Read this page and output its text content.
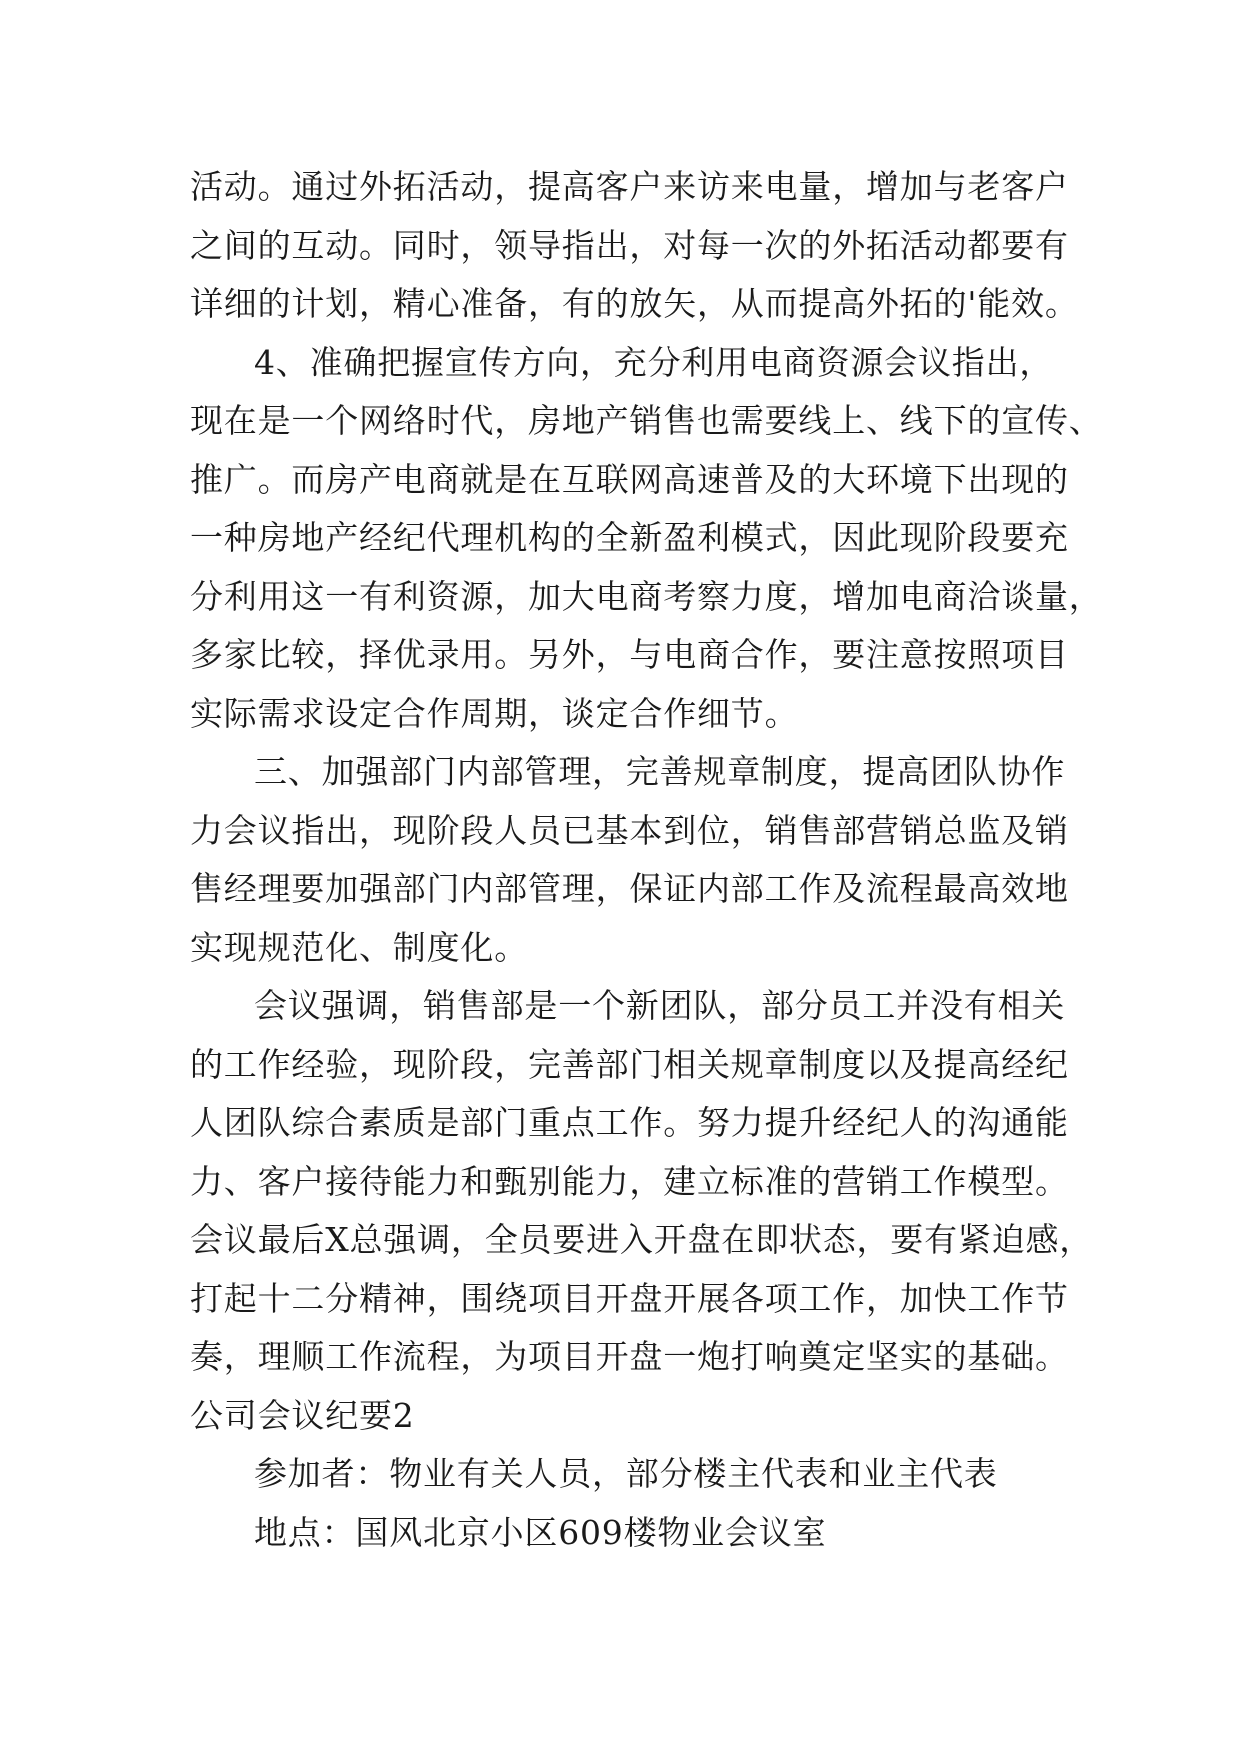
活动。通过外拓活动，提高客户来访来电量，增加与老客户
之间的互动。同时，领导指出，对每一次的外拓活动都要有
详细的计划，精心准备，有的放矢，从而提高外拓的'能效。
4、准确把握宣传方向，充分利用电商资源会议指出，
现在是一个网络时代，房地产销售也需要线上、线下的宣传、
推广。而房产电商就是在互联网高速普及的大环境下出现的
一种房地产经纪代理机构的全新盈利模式，因此现阶段要充
分利用这一有利资源，加大电商考察力度，增加电商洽谈量，
多家比较，择优录用。另外，与电商合作，要注意按照项目
实际需求设定合作周期，谈定合作细节。
三、加强部门内部管理，完善规章制度，提高团队协作
力会议指出，现阶段人员已基本到位，销售部营销总监及销
售经理要加强部门内部管理，保证内部工作及流程最高效地
实现规范化、制度化。
会议强调，销售部是一个新团队，部分员工并没有相关
的工作经验，现阶段，完善部门相关规章制度以及提高经纪
人团队综合素质是部门重点工作。努力提升经纪人的沟通能
力、客户接待能力和甄别能力，建立标准的营销工作模型。
会议最后X总强调，全员要进入开盘在即状态，要有紧迫感，
打起十二分精神，围绕项目开盘开展各项工作，加快工作节
奏，理顺工作流程，为项目开盘一炮打响奠定坚实的基础。
公司会议纪要2
参加者：物业有关人员，部分楼主代表和业主代表
地点：国风北京小区609楼物业会议室
